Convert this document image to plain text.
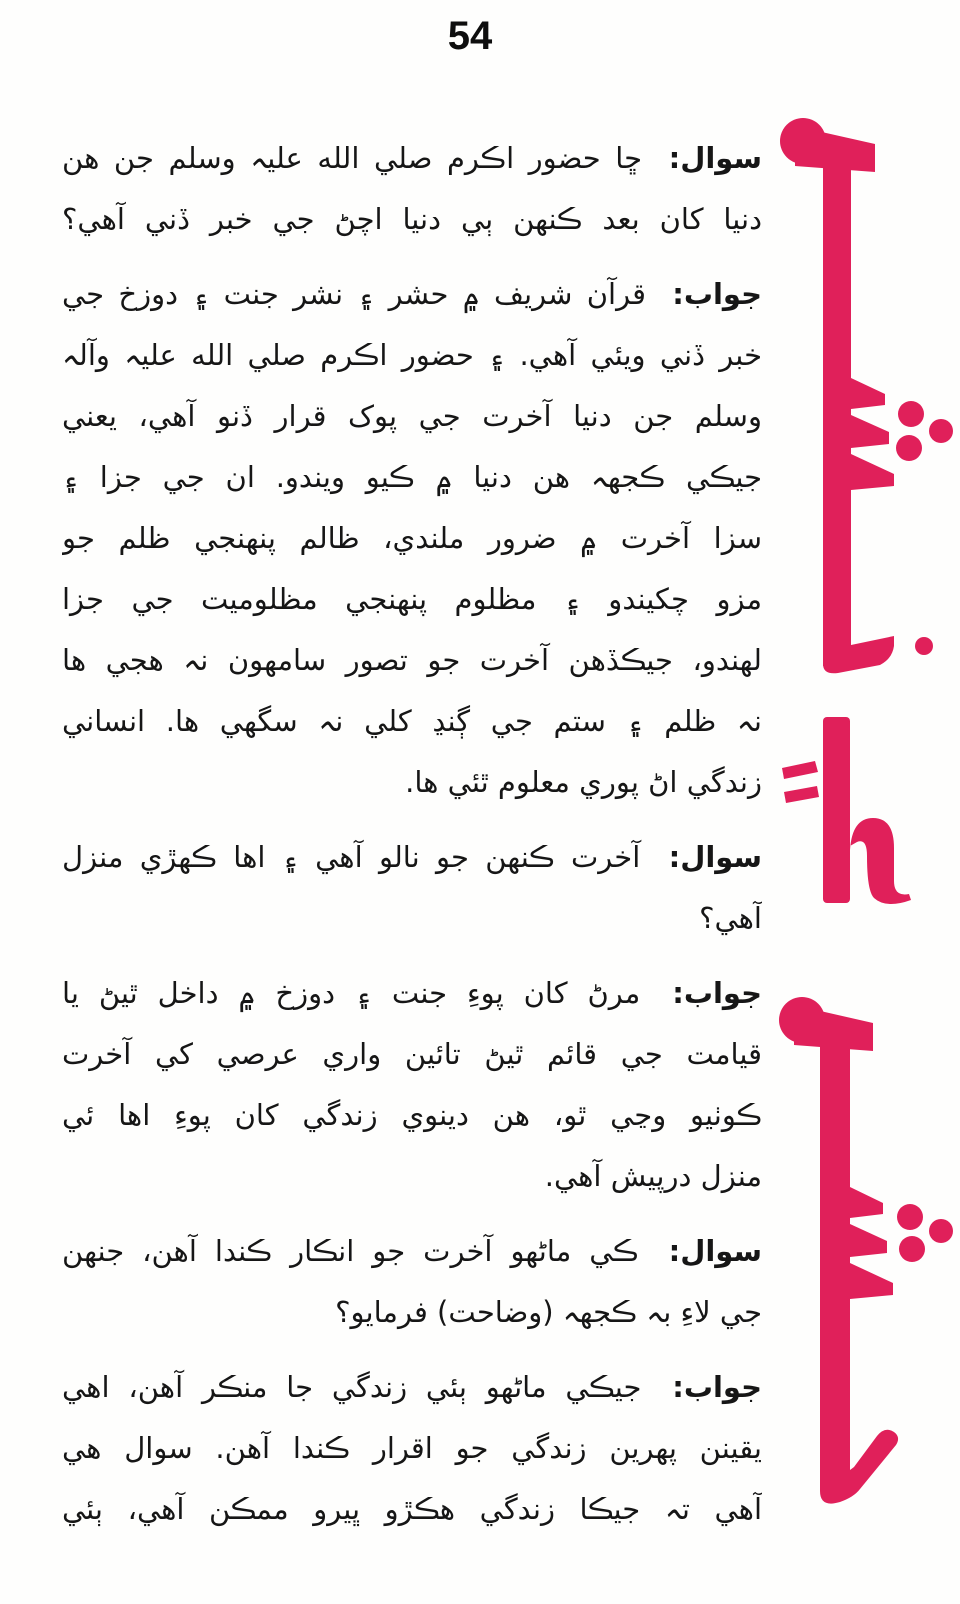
54
سوال: ڇا حضور اڪرم صلي الله عليہ وسلم جن هن
دنيا کان بعد ڪنهن ٻي دنيا اچڻ جي خبر ڏني آهي؟
جواب: قرآن شريف ۾ حشر ۽ نشر جنت ۽ دوزخ جي
خبر ڏني ويئي آهي. ۽ حضور اڪرم صلي الله عليہ وآلہ
وسلم جن دنيا آخرت جي پوک قرار ڏنو آهي، يعني
جيڪي ڪجهہ هن دنيا ۾ ڪيو ويندو. ان جي جزا ۽
سزا آخرت ۾ ضرور ملندي، ظالم پنهنجي ظلم جو
مزو چکيندو ۽ مظلوم پنهنجي مظلوميت جي جزا
لهندو، جيڪڏهن آخرت جو تصور سامهون نہ هجي ها
نہ ظلم ۽ ستم جي ڳنڍ کلي نہ سگهي ها. انساني
زندگي اڻ پوري معلوم ٿئي ها.
سوال: آخرت ڪنهن جو نالو آهي ۽ اها ڪهڙي منزل
آهي؟
جواب: مرڻ کان پوءِ جنت ۽ دوزخ ۾ داخل ٿيڻ يا
قيامت جي قائم ٿيڻ تائين واري عرصي کي آخرت
ڪوٺيو وڃي ٿو، هن دينوي زندگي کان پوءِ اها ئي
منزل درپيش آهي.
سوال: ڪي ماڻهو آخرت جو انڪار ڪندا آهن، جنهن
جي لاءِ بہ ڪجهہ (وضاحت) فرمايو؟
جواب: جيڪي ماڻهو ٻئي زندگي جا منڪر آهن، اهي
يقينن پهرين زندگي جو اقرار ڪندا آهن. سوال هي
آهي تہ جيڪا زندگي هڪڙو ڀيرو ممڪن آهي، ٻئي
